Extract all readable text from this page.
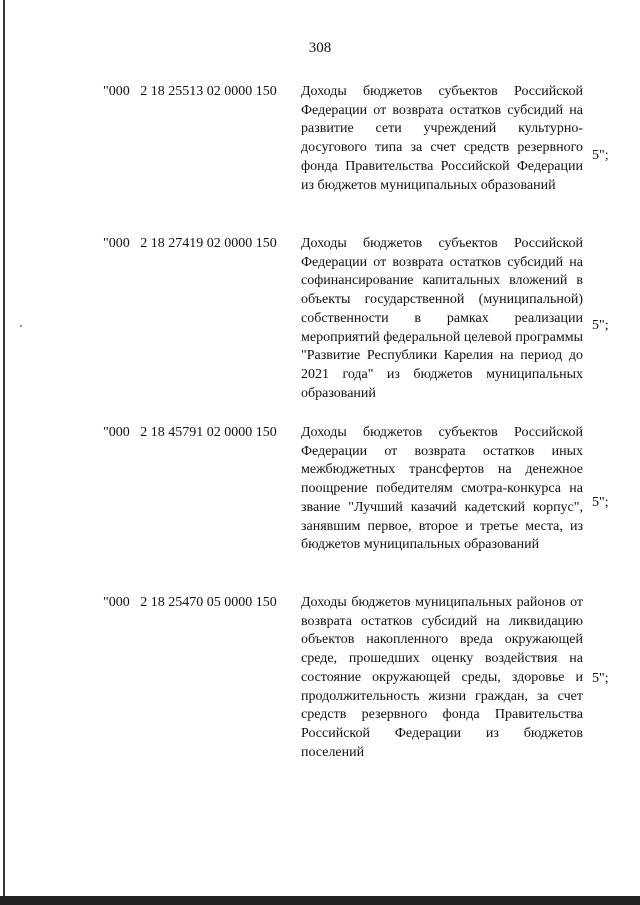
308
"000   2 18 25513 02 0000 150 Доходы бюджетов субъектов Российской Федерации от возврата остатков субсидий на развитие сети учреждений культурно-досугового типа за счет средств резервного фонда Правительства Российской Федерации из бюджетов муниципальных образований
5";
"000   2 18 27419 02 0000 150 Доходы бюджетов субъектов Российской Федерации от возврата остатков субсидий на софинансирование капитальных вложений в объекты государственной (муниципальной) собственности в рамках реализации мероприятий федеральной целевой программы "Развитие Республики Карелия на период до 2021 года" из бюджетов муниципальных образований
5";
"000   2 18 45791 02 0000 150 Доходы бюджетов субъектов Российской Федерации от возврата остатков иных межбюджетных трансфертов на денежное поощрение победителям смотра-конкурса на звание "Лучший казачий кадетский корпус", занявшим первое, второе и третье места, из бюджетов муниципальных образований
5";
"000   2 18 25470 05 0000 150 Доходы бюджетов муниципальных районов от возврата остатков субсидий на ликвидацию объектов накопленного вреда окружающей среде, прошедших оценку воздействия на состояние окружающей среды, здоровье и продолжительность жизни граждан, за счет средств резервного фонда Правительства Российской Федерации из бюджетов поселений
5";
